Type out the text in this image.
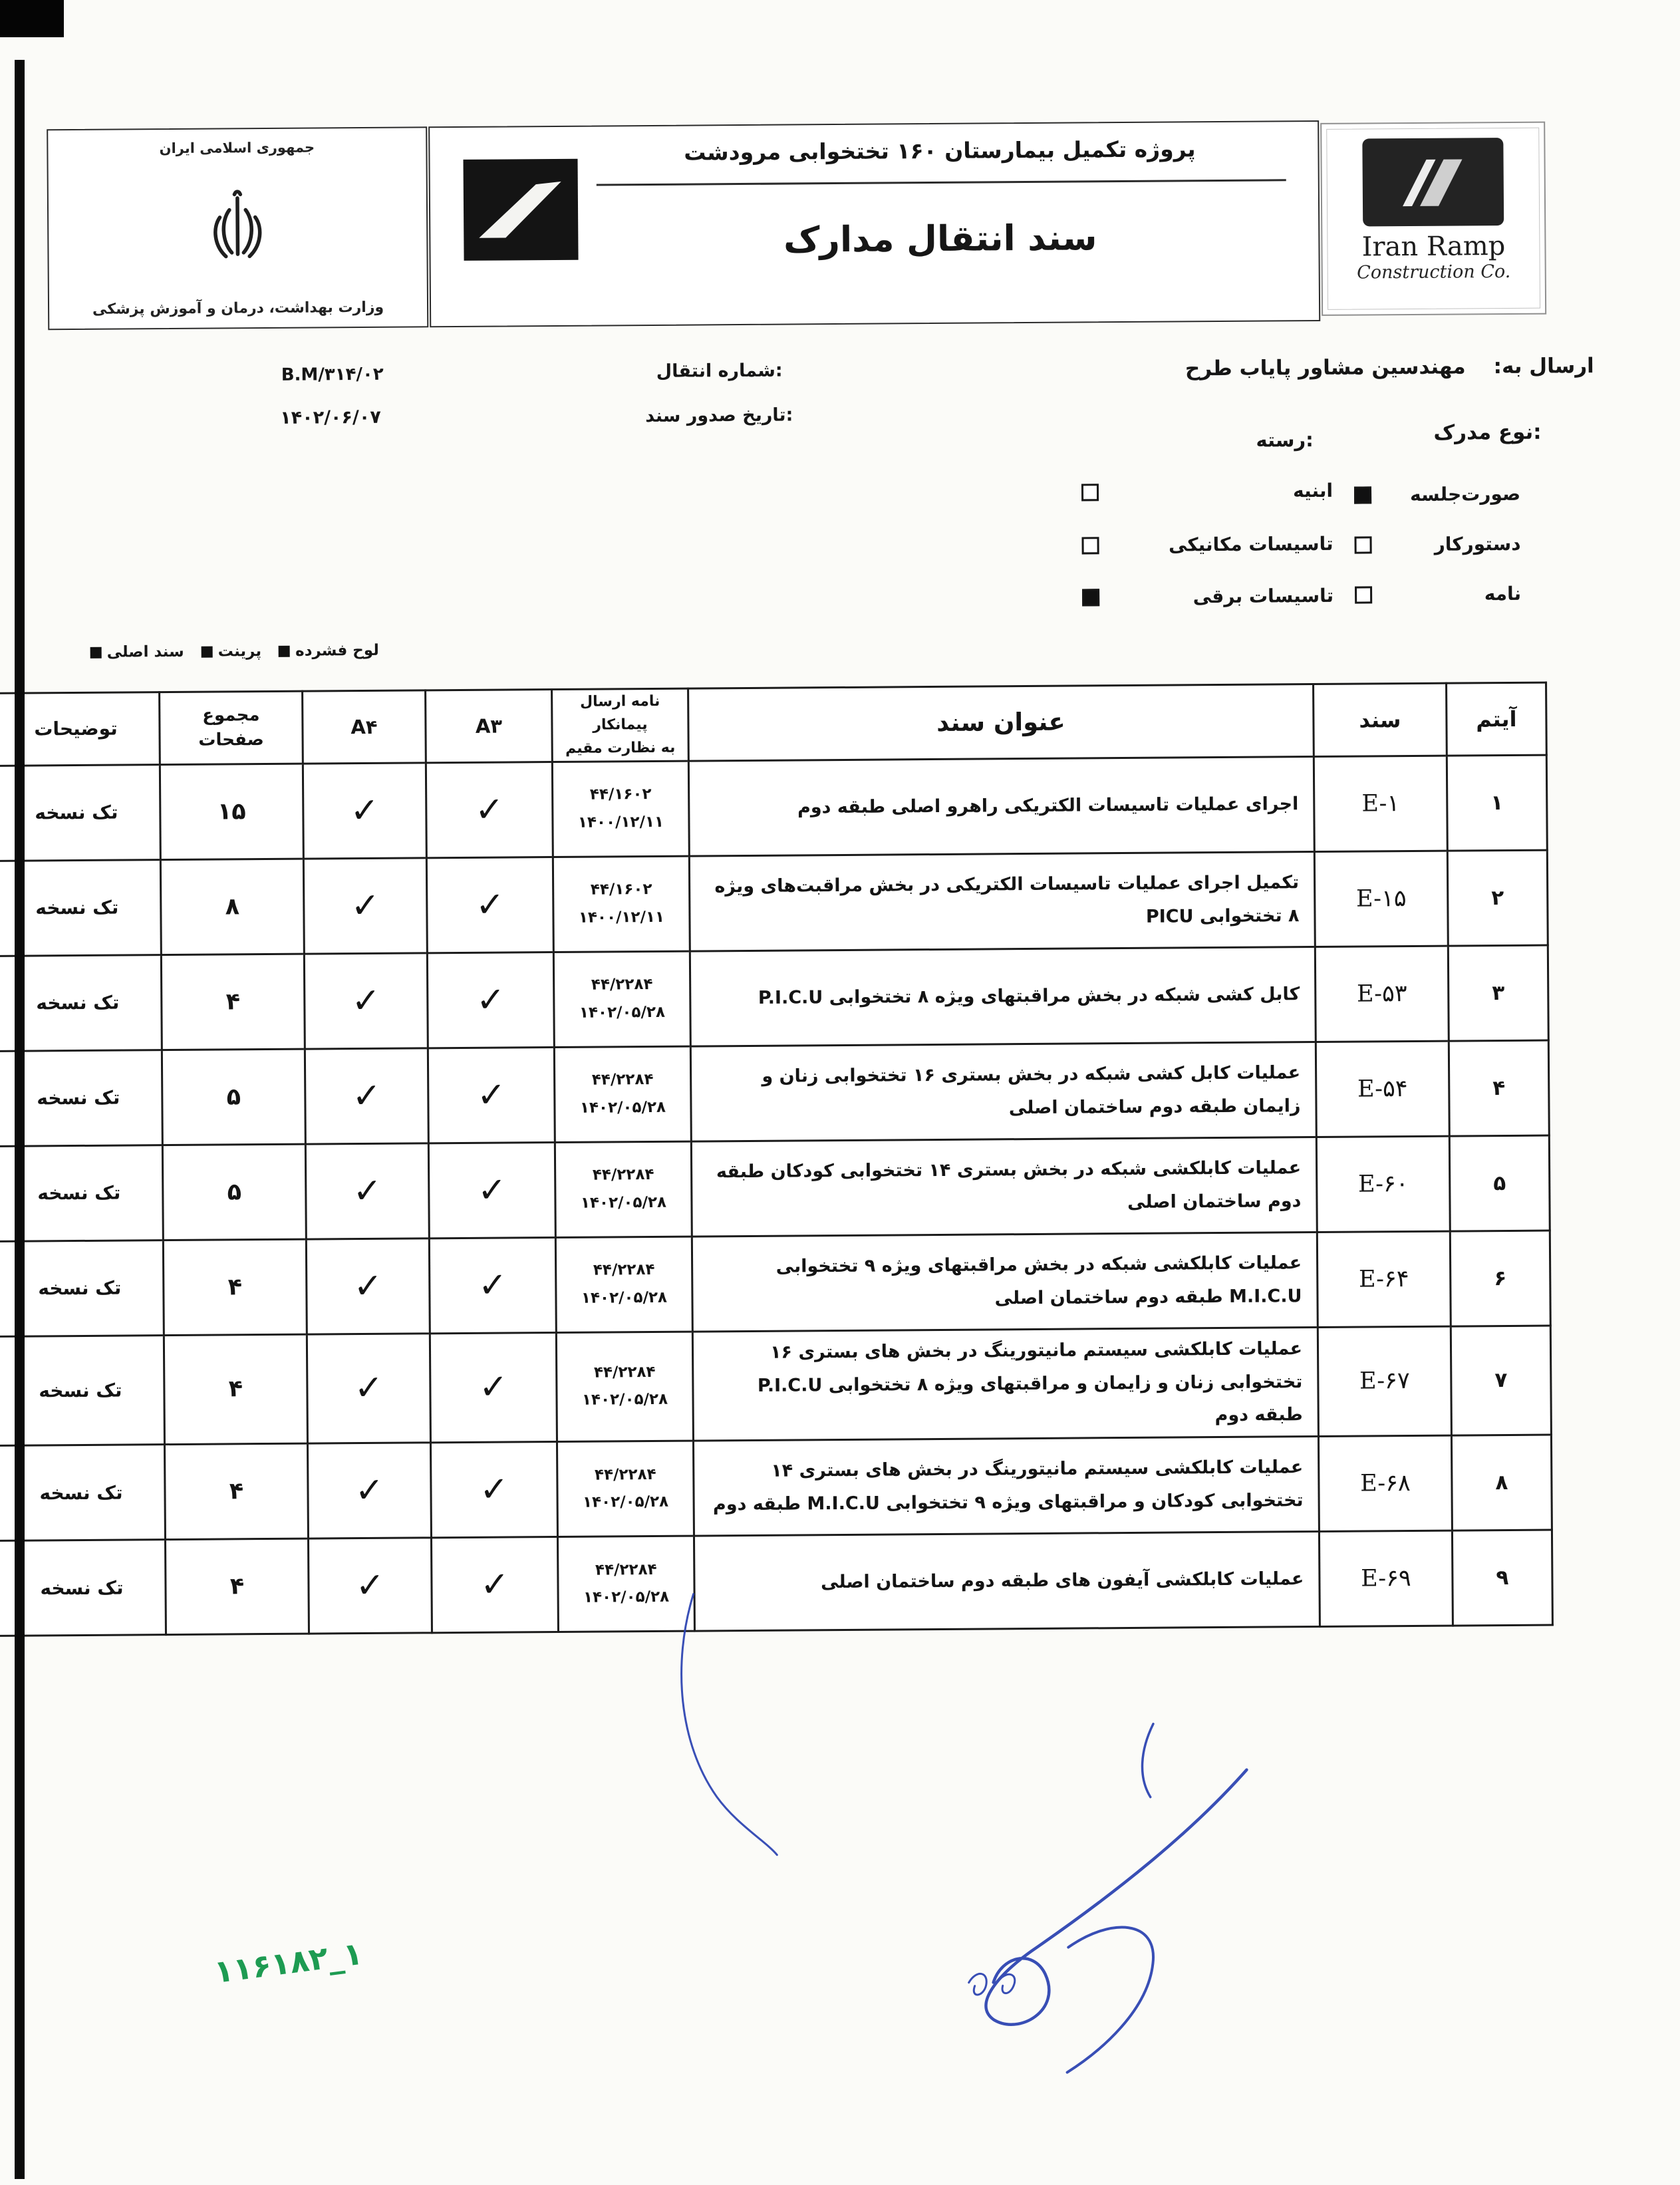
جمهوری اسلامی ایران
وزارت بهداشت، درمان و آموزش پزشکی
پروژه تکمیل بیمارستان ۱۶۰ تختخوابی مرودشت
سند انتقال مدارک	Iran Ramp
Construction Co.
ارسال به:
مهندسین مشاور پایاب طرح
شماره انتقال:
B.M/۳۱۴/۰۲
تاریخ صدور سند:
۱۴۰۲/۰۶/۰۷
نوع مدرک:
رسته:
صورت‌جلسه
دستورکار
نامه
ابنیه
تاسیسات مکانیکی
تاسیسات برقی
لوح فشرده
پرینت
سند اصلی
آیتم	سند	عنوان سند	
نامه ارسال پیمانکار
به نظارت مقیم
	A۳	A۴	
مجموع
صفحات
	توضیحات
۱	E-۱	اجرای عملیات تاسیسات الکتریکی راهرو اصلی طبقه دوم	۴۴/۱۶۰۲
۱۴۰۰/۱۲/۱۱	✓	✓	۱۵	تک نسخه
۲	E-۱۵	تکمیل اجرای عملیات تاسیسات الکتریکی در بخش مراقبت‌های ویژه ۸ تختخوابی PICU	۴۴/۱۶۰۲
۱۴۰۰/۱۲/۱۱	✓	✓	۸	تک نسخه
۳	E-۵۳	کابل کشی شبکه در بخش مراقبتهای ویژه ۸ تختخوابی P.I.C.U	۴۴/۲۲۸۴
۱۴۰۲/۰۵/۲۸	✓	✓	۴	تک نسخه
۴	E-۵۴	عملیات کابل کشی شبکه در بخش بستری ۱۶ تختخوابی زنان و زایمان طبقه دوم ساختمان اصلی	۴۴/۲۲۸۴
۱۴۰۲/۰۵/۲۸	✓	✓	۵	تک نسخه
۵	E-۶۰	عملیات کابلکشی شبکه در بخش بستری ۱۴ تختخوابی کودکان طبقه دوم ساختمان اصلی	۴۴/۲۲۸۴
۱۴۰۲/۰۵/۲۸	✓	✓	۵	تک نسخه
۶	E-۶۴	عملیات کابلکشی شبکه در بخش مراقبتهای ویژه ۹ تختخوابی M.I.C.U طبقه دوم ساختمان اصلی	۴۴/۲۲۸۴
۱۴۰۲/۰۵/۲۸	✓	✓	۴	تک نسخه
۷	E-۶۷	عملیات کابلکشی سیستم مانیتورینگ در بخش های بستری ۱۶ تختخوابی زنان و زایمان و مراقبتهای ویژه ۸ تختخوابی P.I.C.U طبقه دوم	۴۴/۲۲۸۴
۱۴۰۲/۰۵/۲۸	✓	✓	۴	تک نسخه
۸	E-۶۸	عملیات کابلکشی سیستم مانیتورینگ در بخش های بستری ۱۴ تختخوابی کودکان و مراقبتهای ویژه ۹ تختخوابی M.I.C.U طبقه دوم	۴۴/۲۲۸۴
۱۴۰۲/۰۵/۲۸	✓	✓	۴	تک نسخه
۹	E-۶۹	عملیات کابلکشی آیفون های طبقه دوم ساختمان اصلی	۴۴/۲۲۸۴
۱۴۰۲/۰۵/۲۸	✓	✓	۴	تک نسخه
۱۱۶۱۸۲_۱
